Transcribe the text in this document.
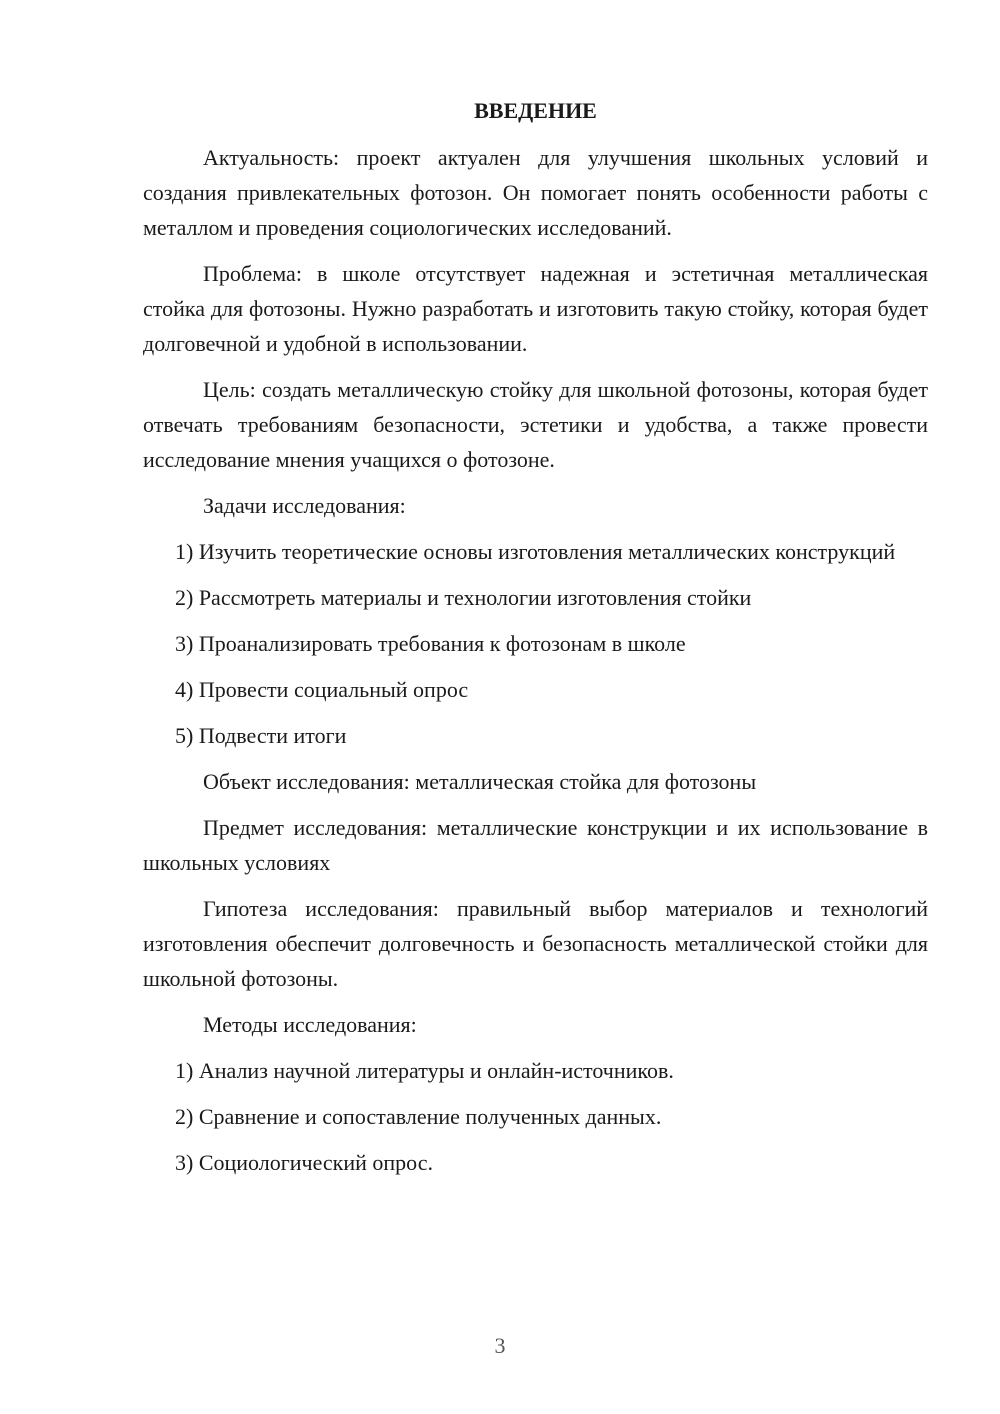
ВВЕДЕНИЕ

Актуальность: проект актуален для улучшения школьных условий и создания привлекательных фотозон. Он помогает понять особенности работы с металлом и проведения социологических исследований.

Проблема: в школе отсутствует надежная и эстетичная металлическая стойка для фотозоны. Нужно разработать и изготовить такую стойку, которая будет долговечной и удобной в использовании.

Цель: создать металлическую стойку для школьной фотозоны, которая будет отвечать требованиям безопасности, эстетики и удобства, а также провести исследование мнения учащихся о фотозоне.

Задачи исследования:

1) Изучить теоретические основы изготовления металлических конструкций

2) Рассмотреть материалы и технологии изготовления стойки

3) Проанализировать требования к фотозонам в школе

4) Провести социальный опрос

5) Подвести итоги

Объект исследования: металлическая стойка для фотозоны

Предмет исследования: металлические конструкции и их использование в школьных условиях

Гипотеза исследования: правильный выбор материалов и технологий изготовления обеспечит долговечность и безопасность металлической стойки для школьной фотозоны.

Методы исследования:

1) Анализ научной литературы и онлайн-источников.

2) Сравнение и сопоставление полученных данных.

3) Социологический опрос.

3
